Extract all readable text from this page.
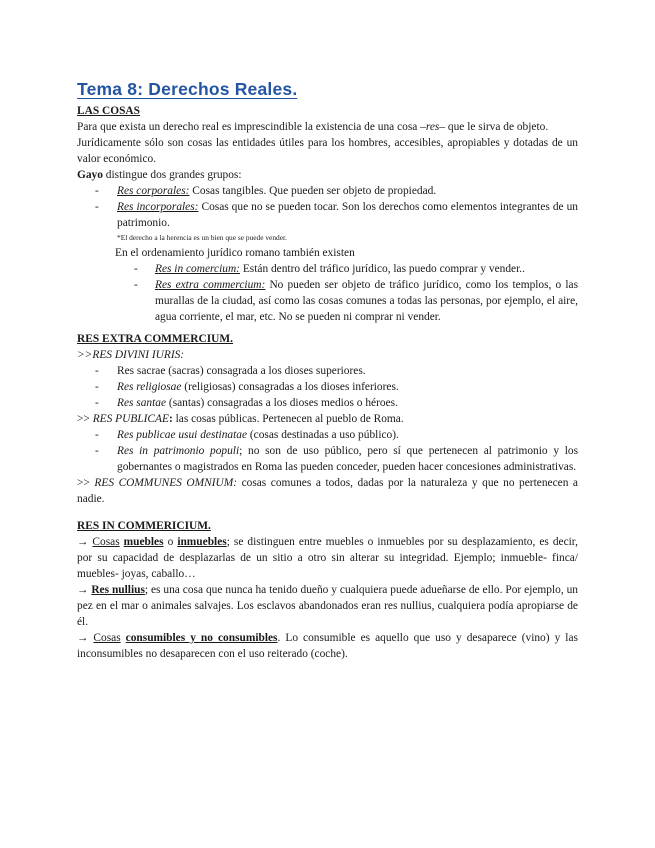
Tema 8: Derechos Reales.
LAS COSAS

Para que exista un derecho real es imprescindible la existencia de una cosa –res– que le sirva de objeto.

Jurídicamente sólo son cosas las entidades útiles para los hombres, accesibles, apropiables y dotadas de un valor económico.

Gayo distingue dos grandes grupos:

- Res corporales: Cosas tangibles. Que pueden ser objeto de propiedad.
- Res incorporales: Cosas que no se pueden tocar. Son los derechos como elementos integrantes de un patrimonio.
*El derecho a la herencia es un bien que se puede vender.
En el ordenamiento jurídico romano también existen
- Res in comercium: Están dentro del tráfico jurídico, las puedo comprar y vender..
- Res extra commercium: No pueden ser objeto de tráfico jurídico, como los templos, o las murallas de la ciudad, así como las cosas comunes a todas las personas, por ejemplo, el aire, agua corriente, el mar, etc. No se pueden ni comprar ni vender.
RES EXTRA COMMERCIUM.
>>RES DIVINI IURIS:
- Res sacrae (sacras) consagrada a los dioses superiores.
- Res religiosae (religiosas) consagradas a los dioses inferiores.
- Res santae (santas) consagradas a los dioses medios o héroes.
>> RES PUBLICAE: las cosas públicas. Pertenecen al pueblo de Roma.
- Res publicae usui destinatae (cosas destinadas a uso público).
- Res in patrimonio populi; no son de uso público, pero sí que pertenecen al patrimonio y los gobernantes o magistrados en Roma las pueden conceder, pueden hacer concesiones administrativas.

>> RES COMMUNES OMNIUM: cosas comunes a todos, dadas por la naturaleza y que no pertenecen a nadie.

RES IN COMMERICIUM.

→ Cosas muebles o inmuebles; se distinguen entre muebles o inmuebles por su desplazamiento, es decir, por su capacidad de desplazarlas de un sitio a otro sin alterar su integridad. Ejemplo; inmueble- finca/ muebles- joyas, caballo…

→ Res nullius; es una cosa que nunca ha tenido dueño y cualquiera puede adueñarse de ello. Por ejemplo, un pez en el mar o animales salvajes. Los esclavos abandonados eran res nullius, cualquiera podía apropiarse de él.

→ Cosas consumibles y no consumibles. Lo consumible es aquello que uso y desaparece (vino) y las inconsumibles no desaparecen con el uso reiterado (coche).
